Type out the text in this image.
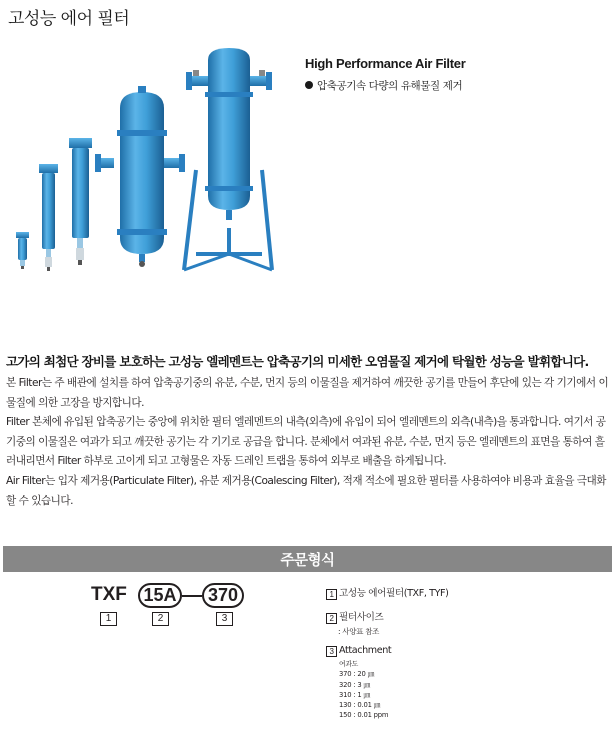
고성능 에어 필터
High Performance Air Filter
압축공기속 다량의 유해물질 제거
고가의 최첨단 장비를 보호하는 고성능 엘레멘트는 압축공기의 미세한 오염물질 제거에 탁월한 성능을 발휘합니다.

본 Filter는 주 배관에 설치를 하여 압축공기중의 유분, 수분, 먼지 등의 이물질을 제거하여 깨끗한 공기를 만들어 후단에 있는 각 기기에서 이물질에 의한 고장을 방지합니다.

Filter 본체에 유입된 압축공기는 중앙에 위치한 필터 엘레멘트의 내측(외측)에 유입이 되어 엘레멘트의 외측(내측)을 통과합니다. 여기서 공기중의 이물질은 여과가 되고 깨끗한 공기는 각 기기로 공급을 합니다. 분체에서 여과된 유분, 수분, 먼지 등은 엘레멘트의 표면을 통하여 흘러내리면서 Filter 하부로 고이게 되고 고형물은 자동 드레인 트랩을 통하여 외부로 배출을 하게됩니다.

Air Filter는 입자 제거용(Particulate Filter), 유분 제거용(Coalescing Filter), 적재 적소에 필요한 필터를 사용하여야 비용과 효율을 극대화 할 수 있습니다.

주문형식
TXF 15A	370
1	2	3
1 고성능 에어필터(TXF, TYF)
2 필터사이즈
: 사양표 참조
3 Attachment
여과도
370 : 20 ㎛
320 : 3 ㎛
310 : 1 ㎛
130 : 0.01 ㎛
150 : 0.01 ppm
